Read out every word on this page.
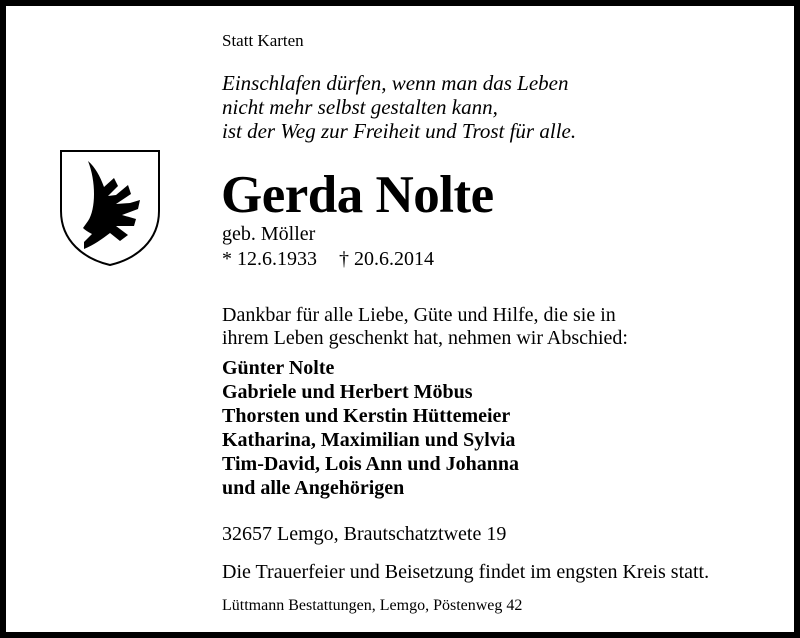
Statt Karten
Einschlafen dürfen, wenn man das Leben
nicht mehr selbst gestalten kann,
ist der Weg zur Freiheit und Trost für alle.
Gerda Nolte
geb. Möller
* 12.6.1933 † 20.6.2014
Dankbar für alle Liebe, Güte und Hilfe, die sie in
ihrem Leben geschenkt hat, nehmen wir Abschied:
Günter Nolte
Gabriele und Herbert Möbus
Thorsten und Kerstin Hüttemeier
Katharina, Maximilian und Sylvia
Tim-David, Lois Ann und Johanna
und alle Angehörigen
32657 Lemgo, Brautschatztwete 19
Die Trauerfeier und Beisetzung findet im engsten Kreis statt.
Lüttmann Bestattungen, Lemgo, Pöstenweg 42
